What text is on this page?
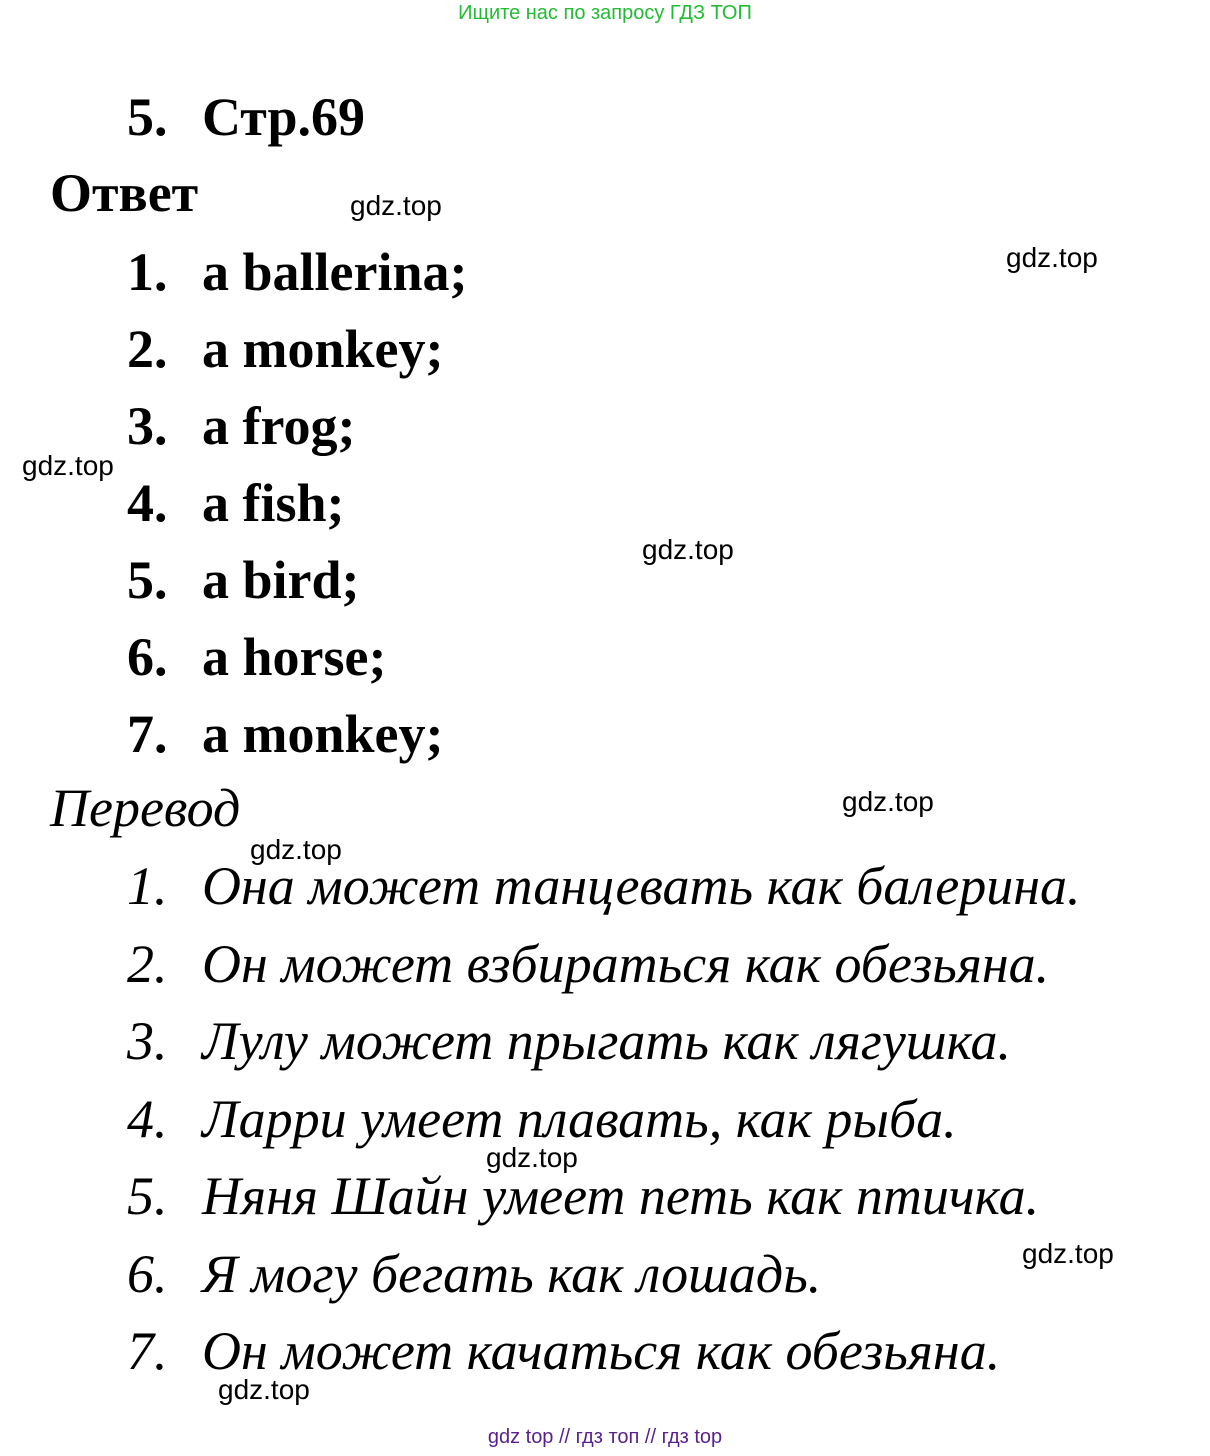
Ищите нас по запросу ГДЗ ТОП
5. Стр.69
Ответ
1. a ballerina;
2. a monkey;
3. a frog;
4. a fish;
5. a bird;
6. a horse;
7. a monkey;
Перевод
1. Она может танцевать как балерина.
2. Он может взбираться как обезьяна.
3. Лулу может прыгать как лягушка.
4. Ларри умеет плавать, как рыба.
5. Няня Шайн умеет петь как птичка.
6. Я могу бегать как лошадь.
7. Он может качаться как обезьяна.
gdz.top
gdz.top
gdz.top
gdz.top
gdz.top
gdz.top
gdz.top
gdz.top
gdz.top
gdz top // гдз топ // гдз top
